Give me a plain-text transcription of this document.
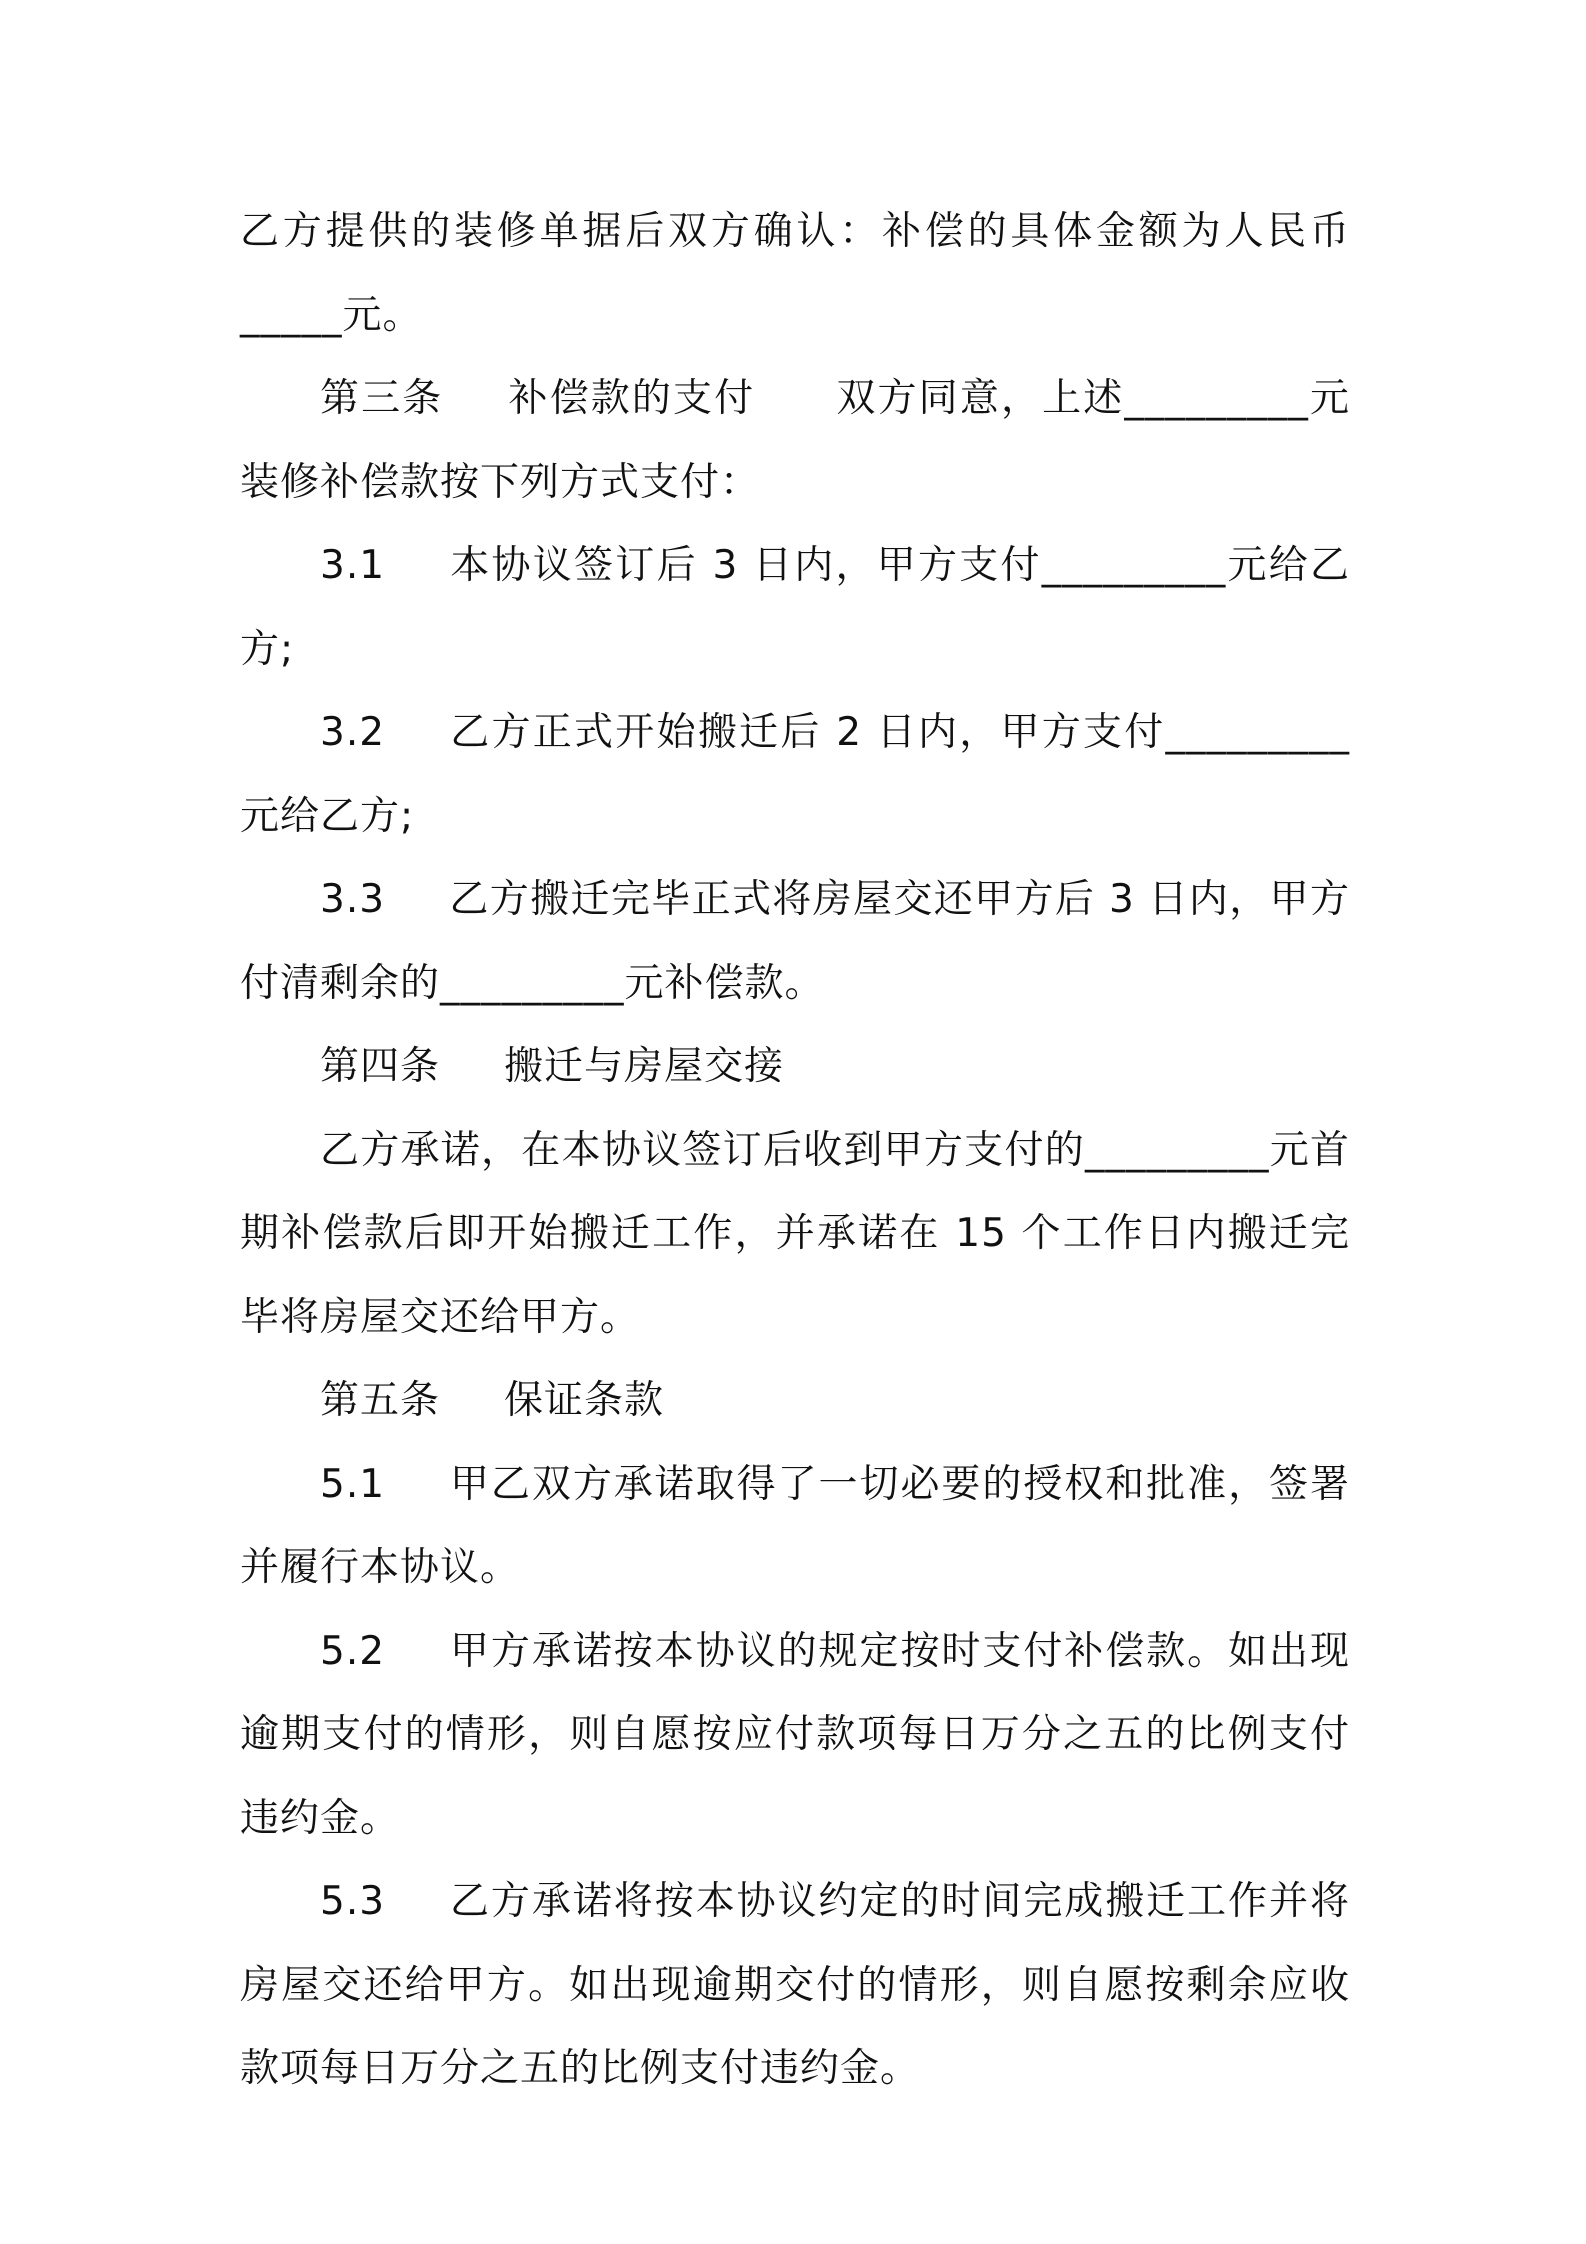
乙方提供的装修单据后双方确认：补偿的具体金额为人民币_____元。

第三条 补偿款的支付 双方同意，上述_________元装修补偿款按下列方式支付：

3.1 本协议签订后 3 日内，甲方支付_________元给乙方;

3.2 乙方正式开始搬迁后 2 日内，甲方支付_________元给乙方;

3.3 乙方搬迁完毕正式将房屋交还甲方后 3 日内，甲方付清剩余的_________元补偿款。

第四条 搬迁与房屋交接

乙方承诺，在本协议签订后收到甲方支付的_________元首期补偿款后即开始搬迁工作，并承诺在 15 个工作日内搬迁完毕将房屋交还给甲方。

第五条 保证条款

5.1 甲乙双方承诺取得了一切必要的授权和批准，签署并履行本协议。

5.2 甲方承诺按本协议的规定按时支付补偿款。如出现逾期支付的情形，则自愿按应付款项每日万分之五的比例支付违约金。

5.3 乙方承诺将按本协议约定的时间完成搬迁工作并将房屋交还给甲方。如出现逾期交付的情形，则自愿按剩余应收款项每日万分之五的比例支付违约金。
